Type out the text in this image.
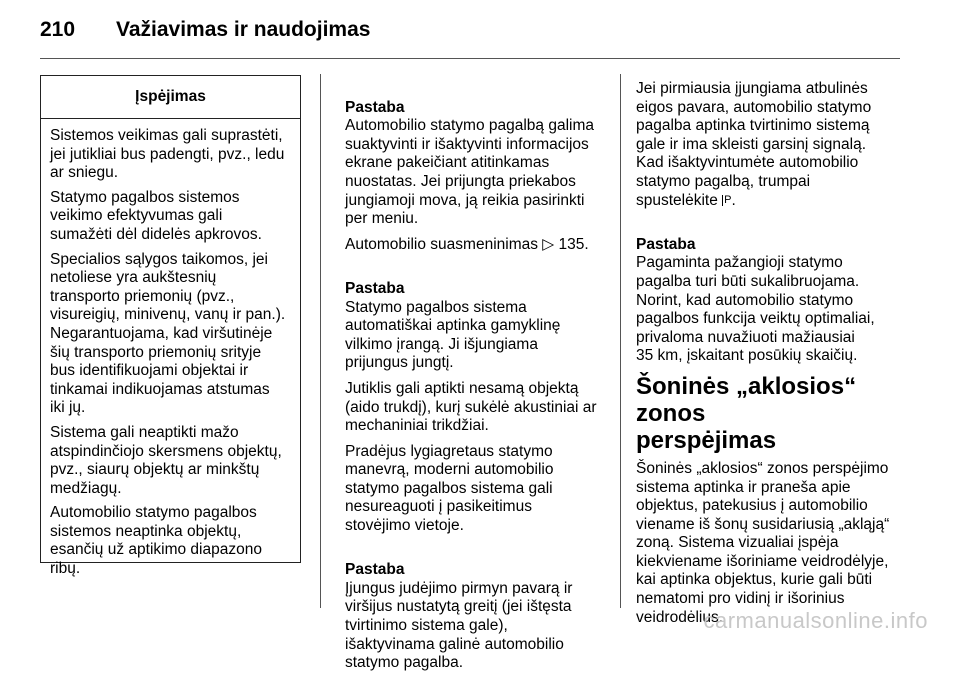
210 Važiavimas ir naudojimas
Įspėjimas

Sistemos veikimas gali suprastėti,
jei jutikliai bus padengti, pvz., ledu
ar sniegu.

Statymo pagalbos sistemos
veikimo efektyvumas gali
sumažėti dėl didelės apkrovos.

Specialios sąlygos taikomos, jei
netoliese yra aukštesnių
transporto priemonių (pvz.,
visureigių, minivenų, vanų ir pan.).
Negarantuojama, kad viršutinėje
šių transporto priemonių srityje
bus identifikuojami objektai ir
tinkamai indikuojamas atstumas
iki jų.

Sistema gali neaptikti mažo
atspindinčiojo skersmens objektų,
pvz., siaurų objektų ar minkštų
medžiagų.

Automobilio statymo pagalbos
sistemos neaptinka objektų,
esančių už aptikimo diapazono
ribų.

Pastaba
Automobilio statymo pagalbą galima
suaktyvinti ir išaktyvinti informacijos
ekrane pakeičiant atitinkamas
nuostatas. Jei prijungta priekabos
jungiamoji mova, ją reikia pasirinkti
per meniu.

Automobilio suasmeninimas ▷ 135.

Pastaba
Statymo pagalbos sistema
automatiškai aptinka gamyklinę
vilkimo įrangą. Ji išjungiama
prijungus jungtį.

Jutiklis gali aptikti nesamą objektą
(aido trukdį), kurį sukėlė akustiniai ar
mechaniniai trikdžiai.

Pradėjus lygiagretaus statymo
manevrą, moderni automobilio
statymo pagalbos sistema gali
nesureaguoti į pasikeitimus
stovėjimo vietoje.

Pastaba
Įjungus judėjimo pirmyn pavarą ir
viršijus nustatytą greitį (jei ištęsta
tvirtinimo sistema gale),
išaktyvinama galinė automobilio
statymo pagalba.

Jei pirmiausia įjungiama atbulinės
eigos pavara, automobilio statymo
pagalba aptinka tvirtinimo sistemą
gale ir ima skleisti garsinį signalą.
Kad išaktyvintumėte automobilio
statymo pagalbą, trumpai
spustelėkite P.

Pastaba
Pagaminta pažangioji statymo
pagalba turi būti sukalibruojama.
Norint, kad automobilio statymo
pagalbos funkcija veiktų optimaliai,
privaloma nuvažiuoti mažiausiai
35 km, įskaitant posūkių skaičių.

Šoninės „aklosios“ zonos
perspėjimas

Šoninės „aklosios“ zonos perspėjimo
sistema aptinka ir praneša apie
objektus, patekusius į automobilio
viename iš šonų susidariusią „akląją“
zoną. Sistema vizualiai įspėja
kiekviename išoriniame veidrodėlyje,
kai aptinka objektus, kurie gali būti
nematomi pro vidinį ir išorinius
veidrodėlius.

carmanualsonline.info
